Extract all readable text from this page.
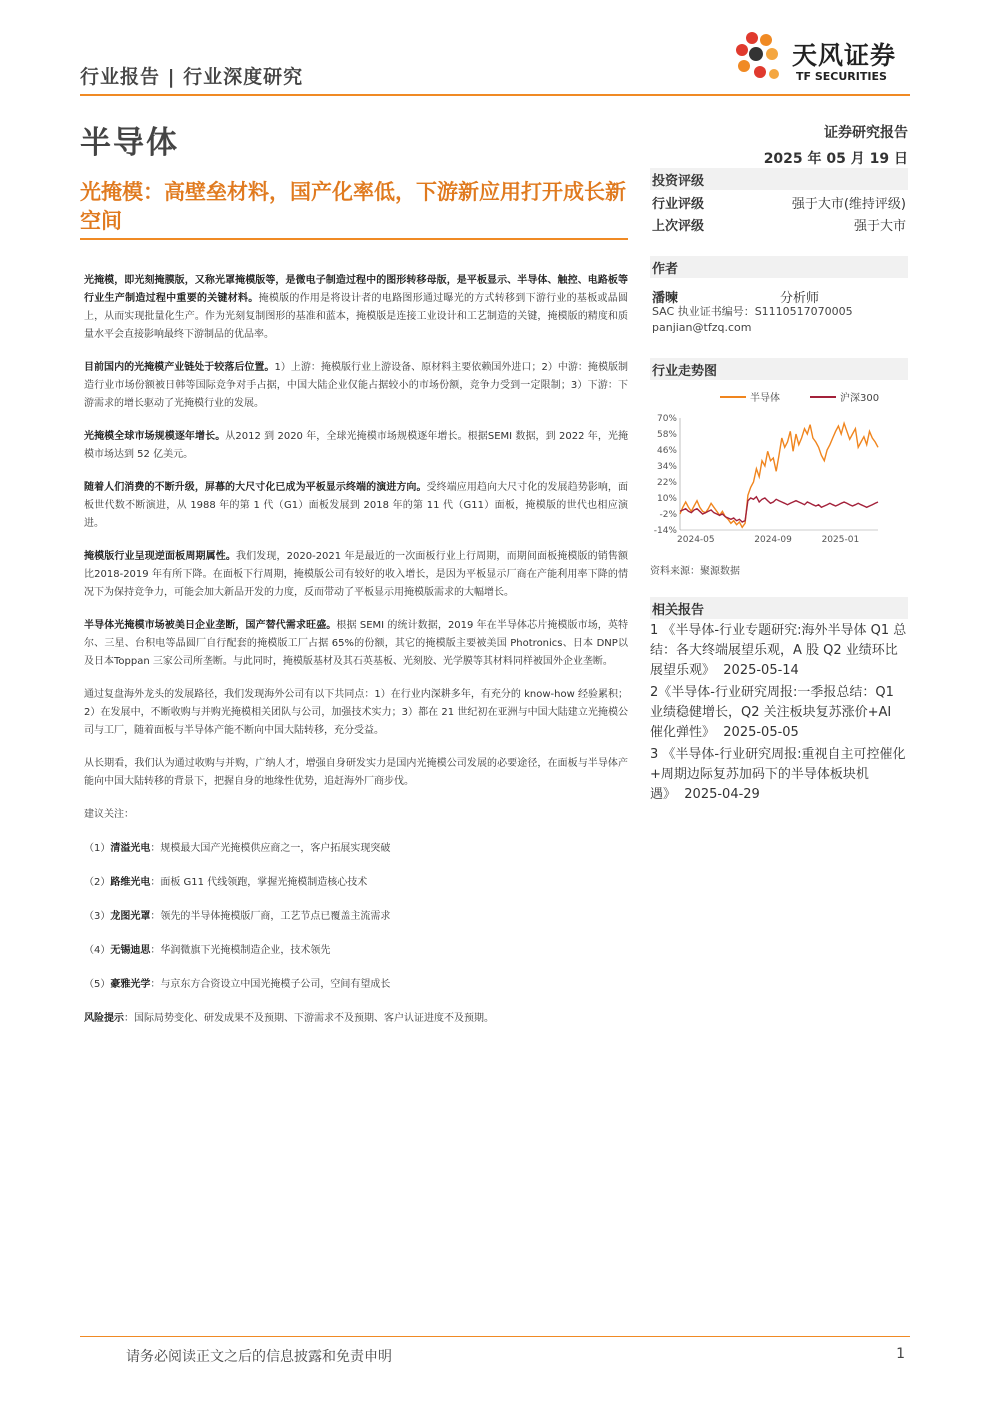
行业报告 | 行业深度研究
天风证券
TF SECURITIES
半导体	证券研究报告
2025 年 05 月 19 日
光掩模：高壁垒材料，国产化率低，下游新应用打开成长新空间

光掩模，即光刻掩膜版，又称光罩掩模版等，是微电子制造过程中的图形转移母版，是平板显示、半导体、触控、电路板等行业生产制造过程中重要的关键材料。掩模版的作用是将设计者的电路图形通过曝光的方式转移到下游行业的基板或晶圆上，从而实现批量化生产。作为光刻复制图形的基准和蓝本，掩模版是连接工业设计和工艺制造的关键，掩模版的精度和质量水平会直接影响最终下游制品的优品率。

目前国内的光掩模产业链处于较落后位置。1）上游：掩模版行业上游设备、原材料主要依赖国外进口；2）中游：掩模版制造行业市场份额被日韩等国际竞争对手占据，中国大陆企业仅能占据较小的市场份额，竞争力受到一定限制；3）下游：下游需求的增长驱动了光掩模行业的发展。

光掩模全球市场规模逐年增长。从2012 到 2020 年，全球光掩模市场规模逐年增长。根据SEMI 数据，到 2022 年，光掩模市场达到 52 亿美元。

随着人们消费的不断升级，屏幕的大尺寸化已成为平板显示终端的演进方向。受终端应用趋向大尺寸化的发展趋势影响，面板世代数不断演进，从 1988 年的第 1 代（G1）面板发展到 2018 年的第 11 代（G11）面板，掩模版的世代也相应演进。

掩模版行业呈现逆面板周期属性。我们发现，2020-2021 年是最近的一次面板行业上行周期，而期间面板掩模版的销售额比2018-2019 年有所下降。在面板下行周期，掩模版公司有较好的收入增长，是因为平板显示厂商在产能利用率下降的情况下为保持竞争力，可能会加大新品开发的力度，反而带动了平板显示用掩模版需求的大幅增长。

半导体光掩模市场被美日企业垄断，国产替代需求旺盛。根据 SEMI 的统计数据，2019 年在半导体芯片掩模版市场，英特尔、三星、台积电等晶圆厂自行配套的掩模版工厂占据 65%的份额，其它的掩模版主要被美国 Photronics、日本 DNP以及日本Toppan 三家公司所垄断。与此同时，掩模版基材及其石英基板、光刻胶、光学膜等其材料同样被国外企业垄断。

通过复盘海外龙头的发展路径，我们发现海外公司有以下共同点：1）在行业内深耕多年，有充分的 know-how 经验累积；2）在发展中，不断收购与并购光掩模相关团队与公司，加强技术实力；3）都在 21 世纪初在亚洲与中国大陆建立光掩模公司与工厂，随着面板与半导体产能不断向中国大陆转移，充分受益。

从长期看，我们认为通过收购与并购，广纳人才，增强自身研发实力是国内光掩模公司发展的必要途径，在面板与半导体产能向中国大陆转移的背景下，把握自身的地缘性优势，追赶海外厂商步伐。

建议关注：

（1）清溢光电：规模最大国产光掩模供应商之一，客户拓展实现突破

（2）路维光电：面板 G11 代线领跑，掌握光掩模制造核心技术

（3）龙图光罩：领先的半导体掩模版厂商，工艺节点已覆盖主流需求

（4）无锡迪思：华润微旗下光掩模制造企业，技术领先

（5）豪雅光学：与京东方合资设立中国光掩模子公司，空间有望成长

风险提示：国际局势变化、研发成果不及预期、下游需求不及预期、客户认证进度不及预期。

投资评级
行业评级	强于大市(维持评级)
上次评级	强于大市
作者
潘暕	分析师
SAC 执业证书编号：S1110517070005
panjian@tfzq.com
行业走势图
半导体	沪深300
70%
58%
46%
34%
22%
10%
-2%
-14%
2024-05	2024-09	2025-01
资料来源：聚源数据
相关报告
1 《半导体-行业专题研究:海外半导体 Q1 总结：各大终端展望乐观，A 股 Q2 业绩环比展望乐观》 2025-05-14
2《半导体-行业研究周报:一季报总结：Q1 业绩稳健增长，Q2 关注板块复苏涨价+AI 催化弹性》 2025-05-05
3 《半导体-行业研究周报:重视自主可控催化+周期边际复苏加码下的半导体板块机遇》 2025-04-29
请务必阅读正文之后的信息披露和免责申明	1
